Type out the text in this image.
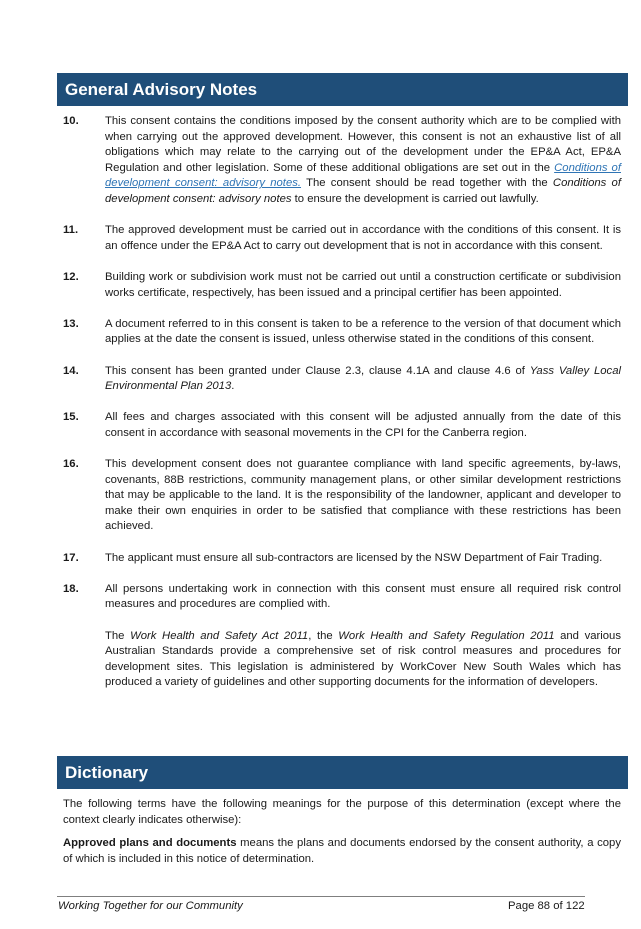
General Advisory Notes
10.	This consent contains the conditions imposed by the consent authority which are to be complied with when carrying out the approved development. However, this consent is not an exhaustive list of all obligations which may relate to the carrying out of the development under the EP&A Act, EP&A Regulation and other legislation. Some of these additional obligations are set out in the Conditions of development consent: advisory notes. The consent should be read together with the Conditions of development consent: advisory notes to ensure the development is carried out lawfully.
11.	The approved development must be carried out in accordance with the conditions of this consent. It is an offence under the EP&A Act to carry out development that is not in accordance with this consent.
12.	Building work or subdivision work must not be carried out until a construction certificate or subdivision works certificate, respectively, has been issued and a principal certifier has been appointed.
13.	A document referred to in this consent is taken to be a reference to the version of that document which applies at the date the consent is issued, unless otherwise stated in the conditions of this consent.
14.	This consent has been granted under Clause 2.3, clause 4.1A and clause 4.6 of Yass Valley Local Environmental Plan 2013.
15.	All fees and charges associated with this consent will be adjusted annually from the date of this consent in accordance with seasonal movements in the CPI for the Canberra region.
16.	This development consent does not guarantee compliance with land specific agreements, by-laws, covenants, 88B restrictions, community management plans, or other similar development restrictions that may be applicable to the land. It is the responsibility of the landowner, applicant and developer to make their own enquiries in order to be satisfied that compliance with these restrictions has been achieved.
17.	The applicant must ensure all sub-contractors are licensed by the NSW Department of Fair Trading.
18.	All persons undertaking work in connection with this consent must ensure all required risk control measures and procedures are complied with.
The Work Health and Safety Act 2011, the Work Health and Safety Regulation 2011 and various Australian Standards provide a comprehensive set of risk control measures and procedures for development sites. This legislation is administered by WorkCover New South Wales which has produced a variety of guidelines and other supporting documents for the information of developers.
Dictionary

The following terms have the following meanings for the purpose of this determination (except where the context clearly indicates otherwise):

Approved plans and documents means the plans and documents endorsed by the consent authority, a copy of which is included in this notice of determination.

Working Together for our Community	Page 88 of 122
